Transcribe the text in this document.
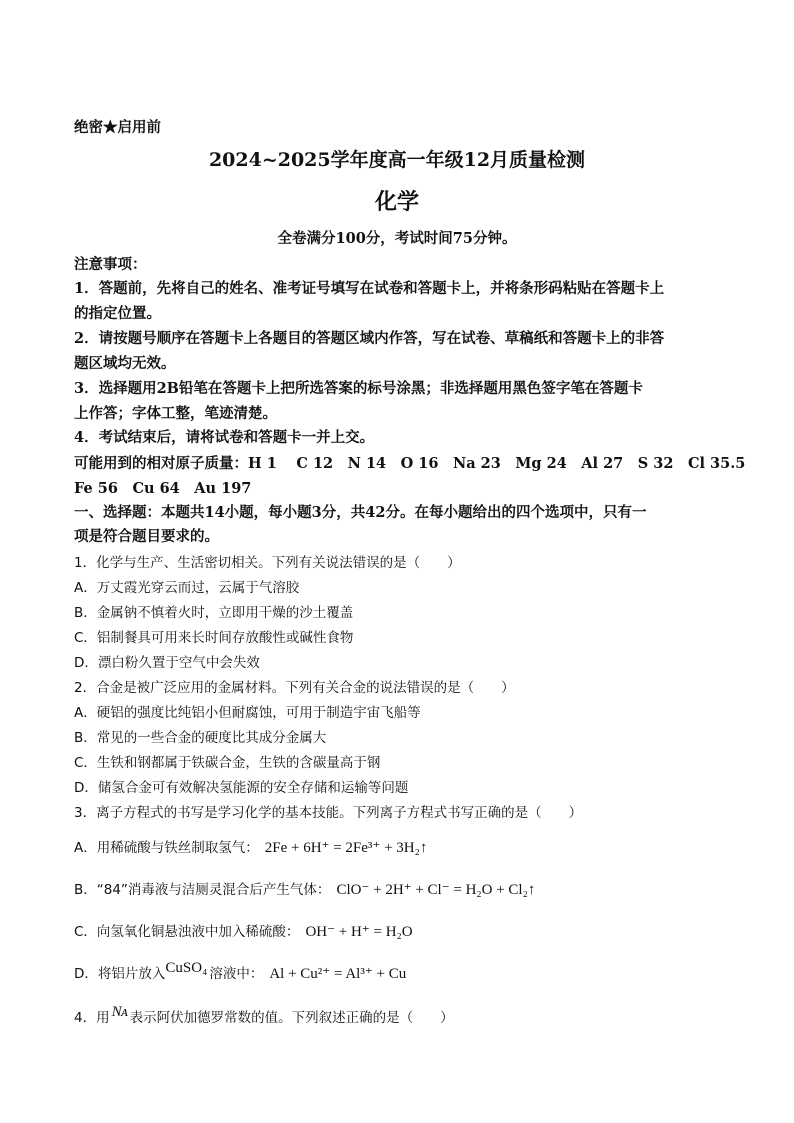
绝密★启用前
2024~2025学年度高一年级12月质量检测
化学
全卷满分100分，考试时间75分钟。
注意事项：
1．答题前，先将自己的姓名、准考证号填写在试卷和答题卡上，并将条形码粘贴在答题卡上
的指定位置。
2．请按题号顺序在答题卡上各题目的答题区域内作答，写在试卷、草稿纸和答题卡上的非答
题区域均无效。
3．选择题用2B铅笔在答题卡上把所选答案的标号涂黑；非选择题用黑色签字笔在答题卡
上作答；字体工整，笔迹清楚。
4．考试结束后，请将试卷和答题卡一并上交。
可能用到的相对原子质量：H 1　 C 12　N 14　O 16　Na 23　Mg 24　Al 27　S 32　Cl 35.5
Fe 56　Cu 64　Au 197
一、选择题：本题共14小题，每小题3分，共42分。在每小题给出的四个选项中，只有一
项是符合题目要求的。
1．化学与生产、生活密切相关。下列有关说法错误的是（　　）
A．万丈霞光穿云而过，云属于气溶胶
B．金属钠不慎着火时，立即用干燥的沙土覆盖
C．铝制餐具可用来长时间存放酸性或碱性食物
D．漂白粉久置于空气中会失效
2．合金是被广泛应用的金属材料。下列有关合金的说法错误的是（　　）
A．硬铝的强度比纯铝小但耐腐蚀，可用于制造宇宙飞船等
B．常见的一些合金的硬度比其成分金属大
C．生铁和钢都属于铁碳合金，生铁的含碳量高于钢
D．储氢合金可有效解决氢能源的安全存储和运输等问题
3．离子方程式的书写是学习化学的基本技能。下列离子方程式书写正确的是（　　）
A．用稀硫酸与铁丝制取氢气： 2Fe + 6H⁺ = 2Fe³⁺ + 3H₂↑
B．“84”消毒液与洁厕灵混合后产生气体： ClO⁻ + 2H⁺ + Cl⁻ = H₂O + Cl₂↑
C．向氢氧化铜悬浊液中加入稀硫酸： OH⁻ + H⁺ = H₂O
D．将铝片放入CuSO₄ 溶液中： Al + Cu²⁺ = Al³⁺ + Cu
4．用 Nᴀ 表示阿伏加德罗常数的值。下列叙述正确的是（　　）
